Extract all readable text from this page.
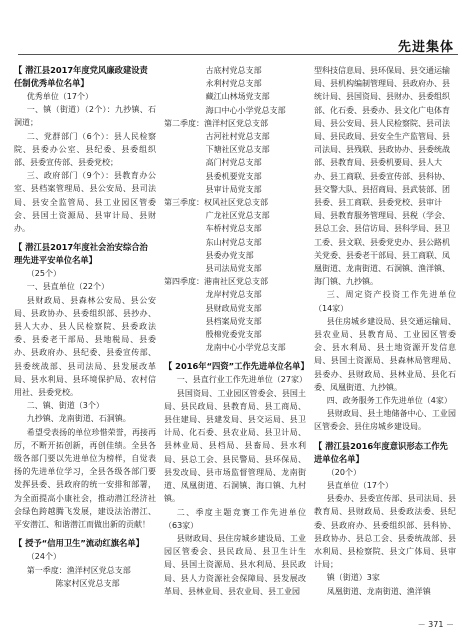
先进集体
【 潜江县2017年度党风廉政建设责任制优秀单位名单】
优秀单位（17个）
一、镇（街道）（2个）：九抄镇、石洞道；
二、党群部门（6个）：县人民检察院、县委办公室、县纪委、县委组织部、县委宣传部、县委党校；
三、政府部门（9个）：县教育办公室、县档案管理局、县公安局、县司法局、县安全监管局、县工业园区管委会、县国土资源局、县审计局、县财办。
【 潜江县2017年度社会治安综合治理先进平安单位名单】
（25个）
一、县直单位（22个）
县财政局、县森林公安局、县公安局、县政协办、县委组织部、县抄办、县人大办、县人民检察院、县委政法委、县委老干部局、县地税局、县委办、县政府办、县纪委、县委宣传部、县委统战部、县司法局、县发展改革局、县水利局、县环境保护局、农村信用社、县委党校。
二、镇、街道（3个）
九抄镇、龙南街道、石洞镇。
希望受表扬的单位珍惜荣誉，再接再厉，不断开拓创新，再创佳绩。全县各级各部门要以先进单位为榜样，自觉表扬的先进单位学习，全县各级各部门要发挥县委、县政府的统一安排和部署，为全面提高小康社会，推动潜江经济社会绿色跨越腾飞发展，建设法治潜江、平安潜江、和谐潜江而做出新的贡献！
【 授予“信用卫生”流动红旗名单】
（24个）
第一季度：渔洋村区党总支部
陈家村区党总支部
古底村党总支部
永利村党总支部
藏江山林场党支部
海口中心小学党总支部
第二季度：渔洋村区党总支部
古河社村党总支部
下塘社区党总支部
高门村党总支部
县委机要党支部
县审计局党支部
第三季度：权风社区党总支部
广龙社区党总支部
车桥村党总支部
东山村党总支部
县委办党支部
县司法局党支部
第四季度：港南社区党总支部
龙岸村党总支部
县财政局党支部
县档案局党支部
殷棉党委党支部
龙南中心小学党总支部
【 2016年“四资”工作先进单位名单】
一、县直行业工作先进单位（27家）
县国资局、工业园区管委会、县国土局、县民政局、县教育局、县工商局、县住建局、县建发局、县交运局、县卫计局、化石委、县农业局、县卫计局、县林业局、县档局、县畜局、县水利局、县总工会、县民警局、县环保局、县发改局、县市场监督管理局、龙南街道、凤凰街道、石洞镇、海口镇、九村镇。
二、季度主题竞赛工作先进单位（63家）
县财政局、县住房城乡建设局、工业园区管委会、县民政局、县卫生计生局、县国土资源局、县水利局、县民政局、县人力资源社会保障局、县发展改革局、县林业局、县农业局、县工业园
型科技信息局、县环保局、县交通运输局、县机构编制管理局、县政府办、县统计局、县国资局、县财办、县委组织部、化石委、县委办、县文化广电体育局、县公安局、县人民检察院、县司法局、县民政局、县安全生产监管局、县司法局、县残联、县政协办、县委统战部、县教育局、县委机要局、县人大办、县工商联、县委宣传部、县科协、县交警大队、县招商局、县武装部、团县委、县工商联、县委党校、县审计局、县教育服务管理局、县税（学会、县总工会、县信访局、县科学局、县卫工委、县文联、县委党史办、县公路机关党委、县委老干部局、县工商联、凤凰街道、龙南街道、石洞镇、渔洋镇、海门镇、九抄镇。
三、周定资产投资工作先进单位（14家）
县住房城乡建设局、县交通运输局、县农业局、县教育局、工业园区管委会、县水利局、县土地资源开发信息局、县国土资源局、县森林局管理局、县委办、县财政局、县林业局、县化石委、凤凰街道、九抄镇。
四、政务服务工作先进单位（4家）
县财政局、县土地储备中心、工业园区管委会、县住房城乡建设局。
【 潜江县2016年度意识形态工作先进单位名单】
（20个）
县直单位（17个）
县委办、县委宣传部、县司法局、县教育局、县财政局、县委政法委、县纪委、县政府办、县委组织部、县科协、县政协办、县总工会、县委统战部、县水利局、县检察院、县文广体局、县审计局；
镇（街道）3家
凤凰街道、龙南街道、渔洋镇
－ 371 －
